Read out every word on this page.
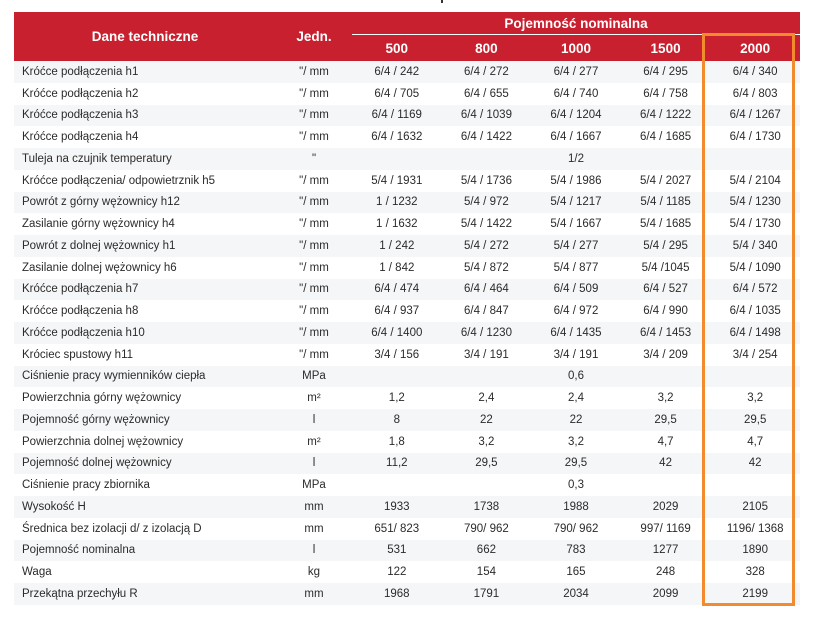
Dane techniczne	Jedn.	Pojemność nominalna				
		500	800	1000	1500	2000
Króćce podłączenia h1	"/ mm	6/4 / 242	6/4 / 272	6/4 / 277	6/4 / 295	6/4 / 340
Króćce podłączenia h2	"/ mm	6/4 / 705	6/4 / 655	6/4 / 740	6/4 / 758	6/4 / 803
Króćce podłączenia h3	"/ mm	6/4 / 1169	6/4 / 1039	6/4 / 1204	6/4 / 1222	6/4 / 1267
Króćce podłączenia h4	"/ mm	6/4 / 1632	6/4 / 1422	6/4 / 1667	6/4 / 1685	6/4 / 1730
Tuleja na czujnik temperatury	"			1/2		
Króćce podłączenia/ odpowietrznik h5	"/ mm	5/4 / 1931	5/4 / 1736	5/4 / 1986	5/4 / 2027	5/4 / 2104
Powrót z górny wężownicy h12	"/ mm	1 / 1232	5/4 / 972	5/4 / 1217	5/4 / 1185	5/4 / 1230
Zasilanie górny wężownicy h4	"/ mm	1 / 1632	5/4 / 1422	5/4 / 1667	5/4 / 1685	5/4 / 1730
Powrót z dolnej wężownicy h1	"/ mm	1 / 242	5/4 / 272	5/4 / 277	5/4 / 295	5/4 / 340
Zasilanie dolnej wężownicy h6	"/ mm	1 / 842	5/4 / 872	5/4 / 877	5/4 /1045	5/4 / 1090
Króćce podłączenia h7	"/ mm	6/4 / 474	6/4 / 464	6/4 / 509	6/4 / 527	6/4 / 572
Króćce podłączenia h8	"/ mm	6/4 / 937	6/4 / 847	6/4 / 972	6/4 / 990	6/4 / 1035
Króćce podłączenia h10	"/ mm	6/4 / 1400	6/4 / 1230	6/4 / 1435	6/4 / 1453	6/4 / 1498
Króciec spustowy h11	"/ mm	3/4 / 156	3/4 / 191	3/4 / 191	3/4 / 209	3/4 / 254
Ciśnienie pracy wymienników ciepła	MPa			0,6		
Powierzchnia górny wężownicy	m²	1,2	2,4	2,4	3,2	3,2
Pojemność górny wężownicy	l	8	22	22	29,5	29,5
Powierzchnia dolnej wężownicy	m²	1,8	3,2	3,2	4,7	4,7
Pojemność dolnej wężownicy	l	11,2	29,5	29,5	42	42
Ciśnienie pracy zbiornika	MPa			0,3		
Wysokość H	mm	1933	1738	1988	2029	2105
Średnica bez izolacji d/ z izolacją D	mm	651/ 823	790/ 962	790/ 962	997/ 1169	1196/ 1368
Pojemność nominalna	l	531	662	783	1277	1890
Waga	kg	122	154	165	248	328
Przekątna przechyłu R	mm	1968	1791	2034	2099	2199
